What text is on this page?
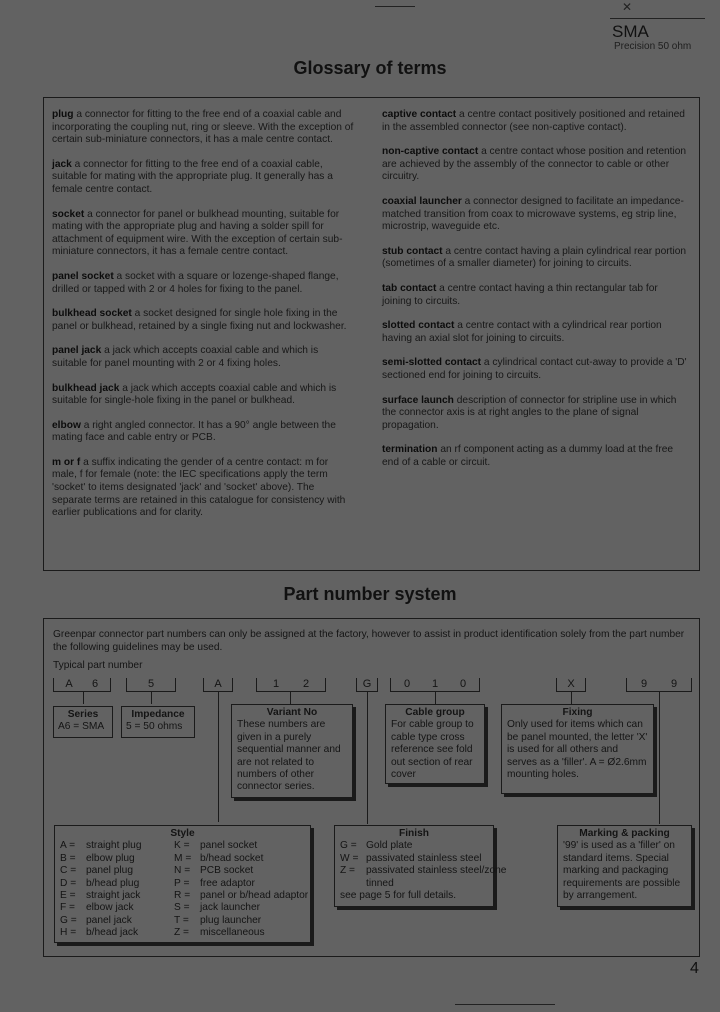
✕
SMA
Precision 50 ohm
Glossary of terms

plug a connector for fitting to the free end of a coaxial cable and incorporating the coupling nut, ring or sleeve. With the exception of certain sub-miniature connectors, it has a male centre contact.

jack a connector for fitting to the free end of a coaxial cable, suitable for mating with the appropriate plug. It generally has a female centre contact.

socket a connector for panel or bulkhead mounting, suitable for mating with the appropriate plug and having a solder spill for attachment of equipment wire. With the exception of certain sub-miniature connectors, it has a female centre contact.

panel socket a socket with a square or lozenge-shaped flange, drilled or tapped with 2 or 4 holes for fixing to the panel.

bulkhead socket a socket designed for single hole fixing in the panel or bulkhead, retained by a single fixing nut and lockwasher.

panel jack a jack which accepts coaxial cable and which is suitable for panel mounting with 2 or 4 fixing holes.

bulkhead jack a jack which accepts coaxial cable and which is suitable for single-hole fixing in the panel or bulkhead.

elbow a right angled connector. It has a 90° angle between the mating face and cable entry or PCB.

m or f a suffix indicating the gender of a centre contact: m for male, f for female (note: the IEC specifications apply the term 'socket' to items designated 'jack' and 'socket' above). The separate terms are retained in this catalogue for consistency with earlier publications and for clarity.

captive contact a centre contact positively positioned and retained in the assembled connector (see non-captive contact).

non-captive contact a centre contact whose position and retention are achieved by the assembly of the connector to cable or other circuitry.

coaxial launcher a connector designed to facilitate an impedance-matched transition from coax to microwave systems, eg strip line, microstrip, waveguide etc.

stub contact a centre contact having a plain cylindrical rear portion (sometimes of a smaller diameter) for joining to circuits.

tab contact a centre contact having a thin rectangular tab for joining to circuits.

slotted contact a centre contact with a cylindrical rear portion having an axial slot for joining to circuits.

semi-slotted contact a cylindrical contact cut-away to provide a 'D' sectioned end for joining to circuits.

surface launch description of connector for stripline use in which the connector axis is at right angles to the plane of signal propagation.

termination an rf component acting as a dummy load at the free end of a cable or circuit.

Part number system
Greenpar connector part numbers can only be assigned at the factory, however to assist in product identification solely from the part number the following guidelines may be used.
Typical part number
A 6	5	A	1 2	G	0 1 0	X	9 9
Series
A6 = SMA
Impedance
5 = 50 ohms
Variant No
These numbers are given in a purely sequential manner and are not related to numbers of other connector series.
Cable group
For cable group to cable type cross reference see fold out section of rear cover
Fixing
Only used for items which can be panel mounted, the letter 'X' is used for all others and serves as a 'filler'. A = Ø2.6mm mounting holes.
Style
A =	straight plug	K =	panel socket
B =	elbow plug	M = b/head socket
C = panel plug	N = PCB socket
D = b/head plug	P =	free adaptor
E =	straight jack	R = panel or b/head adaptor
F =	elbow jack	S =	jack launcher
G = panel jack	T =	plug launcher
H = b/head jack	Z =	miscellaneous
Finish
G = Gold plate
W = passivated stainless steel
Z =	passivated stainless steel/zone tinned
see page 5 for full details.
Marking & packing
'99' is used as a 'filler' on standard items. Special marking and packaging requirements are possible by arrangement.
4
